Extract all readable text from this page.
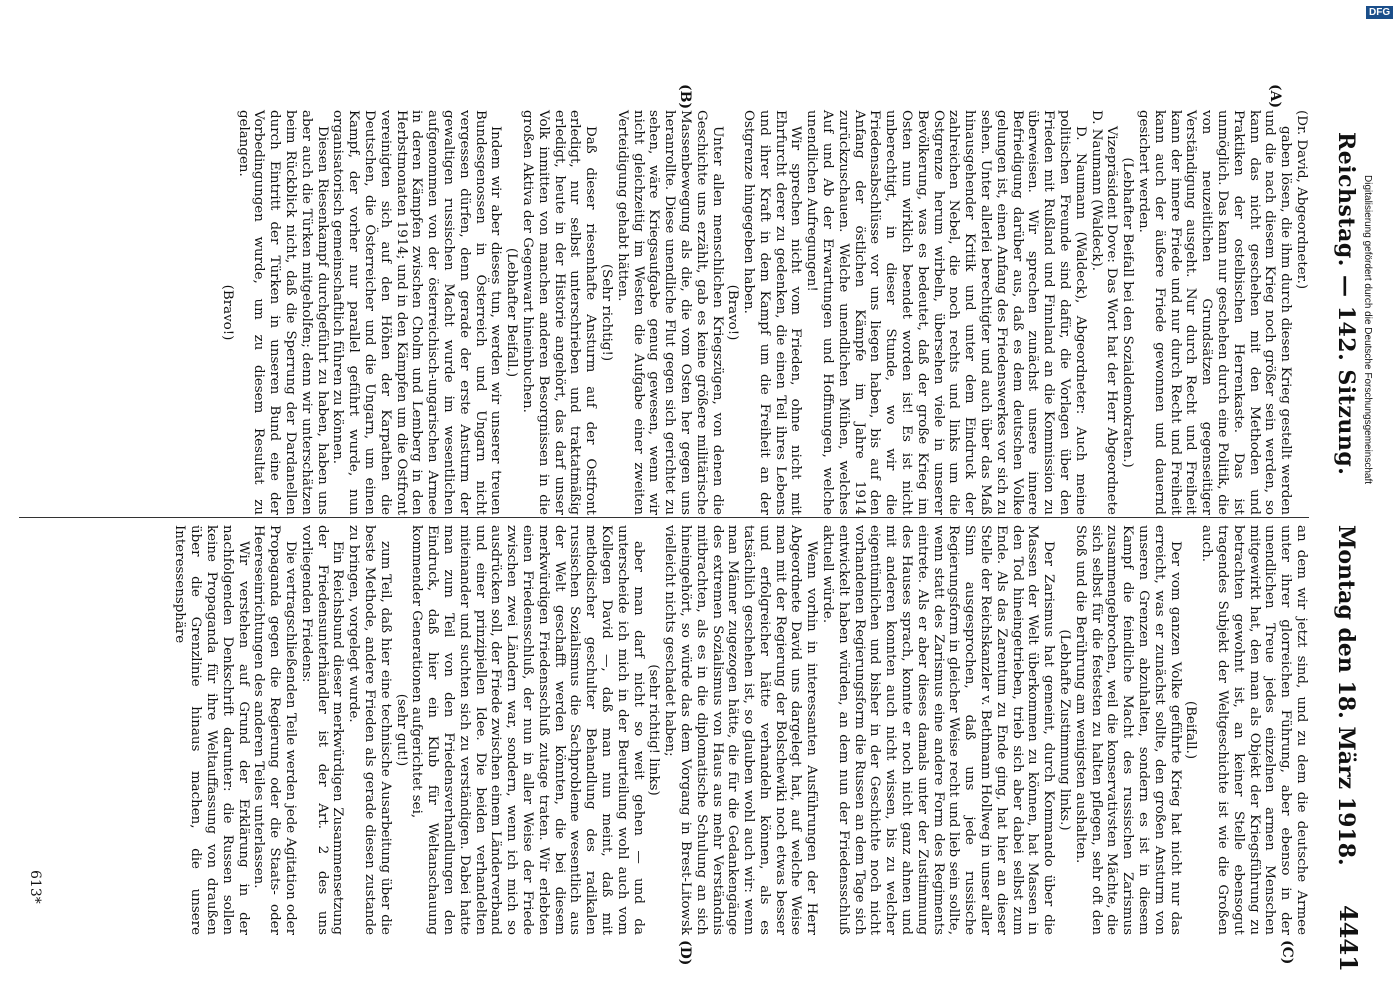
Reichstag. — 142. Sitzung.
Montag den 18. März 1918.
4441
(A)
(B)
(C)
(D)

(Dr. David, Abgeordneter.)

gaben lösen, die ihm durch diesen Krieg gestellt werden und die nach diesem Krieg noch größer sein werden, so kann das nicht geschehen mit den Methoden und Praktiken der ostelbischen Herrenkaste. Das ist unmöglich. Das kann nur geschehen durch eine Politik, die von neuzeitlichen Grundsätzen gegenseitiger Verständigung ausgeht. Nur durch Recht und Freiheit kann der innere Friede und nur durch Recht und Freiheit kann auch der äußere Friede gewonnen und dauernd gesichert werden.

(Lebhafter Beifall bei den Sozialdemokraten.)

Vizepräsident Dove: Das Wort hat der Herr Abgeordnete D. Naumann (Waldeck).

D. Naumann (Waldeck), Abgeordneter: Auch meine politischen Freunde sind dafür, die Vorlagen über den Frieden mit Rußland und Finnland an die Kommission zu überweisen. Wir sprechen zunächst unsere innere Befriedigung darüber aus, daß es dem deutschen Volke gelungen ist, einen Anfang des Friedenswerkes vor sich zu sehen. Unter allerlei berechtigter und auch über das Maß hinausgehender Kritik und unter dem Eindruck der zahlreichen Nebel, die noch rechts und links um die Ostgrenze herum wirbeln, übersehen viele in unserer Bevölkerung, was es bedeutet, daß der große Krieg im Osten nun wirklich beendet worden ist! Es ist nicht unberechtigt, in dieser Stunde, wo wir die Friedensabschlüsse vor uns liegen haben, bis auf den Anfang der östlichen Kämpfe im Jahre 1914 zurückzuschauen. Welche unendlichen Mühen, welches Auf und Ab der Erwartungen und Hoffnungen, welche unendlichen Aufregungen!

Wir sprechen nicht vom Frieden, ohne nicht mit Ehrfurcht derer zu gedenken, die einen Teil ihres Lebens und ihrer Kraft in dem Kampf um die Freiheit an der Ostgrenze hingegeben haben.

(Bravo!)

Unter allen menschlichen Kriegszügen, von denen die Geschichte uns erzählt, gab es keine größere militärische Massenbewegung als die, die vom Osten her gegen uns heranrollte. Diese unendliche Flut gegen sich gerichtet zu sehen, wäre Kriegsaufgabe genug gewesen, wenn wir nicht gleichzeitig im Westen die Aufgabe einer zweiten Verteidigung gehabt hätten.

(Sehr richtig!)

Daß dieser riesenhafte Ansturm auf der Ostfront erledigt, nur selbst unterschrieben und traktatmäßig erledigt, heute in der Historie angehört, das darf unser Volk inmitten von manchen anderen Besorgnissen in die großen Aktiva der Gegenwart hineinbuchen.

(Lebhafter Beifall.)

Indem wir aber dieses tun, werden wir unserer treuen Bundesgenossen in Österreich und Ungarn nicht vergessen dürfen, denn gerade der erste Ansturm der gewaltigen russischen Macht wurde im wesentlichen aufgenommen von der österreichisch-ungarischen Armee in deren Kämpfen zwischen Cholm und Lemberg in den Herbstmonaten 1914; und in den Kämpfen um die Ostfront vereinigten sich auf den Höhen der Karpathen die Deutschen, die Österreicher und die Ungarn, um einen Kampf, der vorher nur parallel geführt wurde, nun organisatorisch gemeinschaftlich führen zu können.

Diesen Riesenkampf durchgeführt zu haben, haben uns aber auch die Türken mitgeholfen; denn wir unterschätzen beim Rückblick nicht, daß die Sperrung der Dardanellen durch Eintritt der Türken in unseren Bund eine der Vorbedingungen wurde, um zu diesem Resultat zu gelangen.

(Bravo!)

an dem wir jetzt sind, und zu dem die deutsche Armee unter ihrer glorreichen Führung, aber ebenso in der unendlichen Treue jedes einzelnen armen Menschen mitgewirkt hat, den man als Objekt der Kriegsführung zu betrachten gewohnt ist, an keiner Stelle ebensogut tragendes Subjekt der Weltgeschichte ist wie die Großen auch.

(Beifall.)

Der vom ganzen Volke geführte Krieg hat nicht nur das erreicht, was er zunächst sollte, den großen Ansturm von unseren Grenzen abzuhalten, sondern es ist in diesem Kampf die feindliche Macht des russischen Zarismus zusammengebrochen, weil die konservativsten Mächte, die sich selbst für die festesten zu halten pflegen, sehr oft den Stoß und die Berührung am wenigsten aushalten.

(Lebhafte Zustimmung links.)

Der Zarismus hat gemeint, durch Kommando über die Massen der Welt überkommen zu können, hat Massen in den Tod hineingetrieben, trieb sich aber dabei selbst zum Ende. Als das Zarentum zu Ende ging, hat hier an dieser Stelle der Reichskanzler v. Bethmann Hollweg in unser aller Sinn ausgesprochen, daß uns jede russische Regierungsform in gleicher Weise recht und lieb sein sollte, wenn statt des Zarismus eine andere Form des Regiments eintrete. Als er aber dieses damals unter der Zustimmung des Hauses sprach, konnte er noch nicht ganz ahnen und mit anderen konnten auch nicht wissen, bis zu welcher eigentümlichen und bisher in der Geschichte noch nicht vorhandenen Regierungsform die Russen an dem Tage sich entwickelt haben würden, an dem nun der Friedensschluß aktuell würde.

Wenn vorhin in interessanten Ausführungen der Herr Abgeordnete David uns dargelegt hat, auf welche Weise man mit der Regierung der Bolschewiki noch etwas besser und erfolgreicher hätte verhandeln können, als es tatsächlich geschehen ist, so glauben wohl auch wir: wenn man Männer zugezogen hätte, die für die Gedankengänge des extremen Sozialismus von Haus aus mehr Verständnis mitbrachten, als es in die diplomatische Schulung an sich hineingehört, so würde das dem Vorgang in Brest-Litowsk vielleicht nichts geschadet haben;

(sehr richtig! links)

aber man darf nicht so weit gehen — und da unterscheide ich mich in der Beurteilung wohl auch vom Kollegen David —, daß man nun meint, daß mit methodischer geschulter Behandlung des radikalen russischen Sozialismus die Sachprobleme wesentlich aus der Welt geschafft werden könnten, die bei diesem merkwürdigen Friedensschluß zutage traten. Wir erlebten einen Friedensschluß, der nun in aller Weise der Friede zwischen zwei Ländern war, sondern, wenn ich mich so ausdrücken soll, der Friede zwischen einem Länderverband und einer prinzipiellen Idee. Die beiden verhandelten miteinander und suchten sich zu verständigen. Dabei hatte man zum Teil von den Friedensverhandlungen den Eindruck, daß hier ein Klub für Weltanschauung kommender Generationen aufgerichtet sei,

(sehr gut!)

zum Teil, daß hier eine technische Ausarbeitung über die beste Methode, andere Frieden als gerade diesen zustande zu bringen, vorgelegt wurde.

Ein Reichsbund dieser merkwürdigen Zusammensetzung der Friedensunterhändler ist der Art. 2 des uns vorliegenden Friedens:

Die vertragschließenden Teile werden jede Agitation oder Propaganda gegen die Regierung oder die Staats- oder Heereseinrichtungen des anderen Teiles unterlassen.

Wir verstehen auf Grund der Erklärung in der nachfolgenden Denkschrift darunter: die Russen sollen keine Propaganda für ihre Weltauffassung von draußen über die Grenzlinie hinaus machen, die unsere Interessensphäre

613*
Digitalisierung gefördert durch die Deutsche Forschungsgemeinschaft
DFG
